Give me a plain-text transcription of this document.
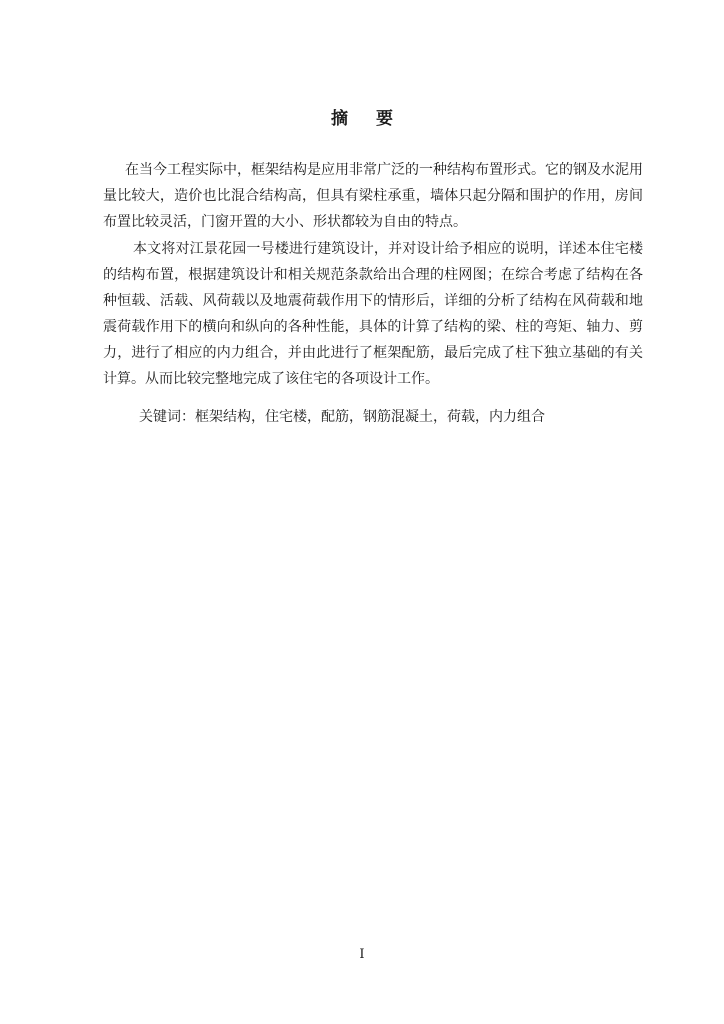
摘要

在当今工程实际中，框架结构是应用非常广泛的一种结构布置形式。它的钢及水泥用量比较大，造价也比混合结构高，但具有梁柱承重，墙体只起分隔和围护的作用，房间布置比较灵活，门窗开置的大小、形状都较为自由的特点。

本文将对江景花园一号楼进行建筑设计，并对设计给予相应的说明，详述本住宅楼的结构布置，根据建筑设计和相关规范条款给出合理的柱网图；在综合考虑了结构在各种恒载、活载、风荷载以及地震荷载作用下的情形后，详细的分析了结构在风荷载和地震荷载作用下的横向和纵向的各种性能，具体的计算了结构的梁、柱的弯矩、轴力、剪力，进行了相应的内力组合，并由此进行了框架配筋，最后完成了柱下独立基础的有关计算。从而比较完整地完成了该住宅的各项设计工作。

关键词：框架结构，住宅楼，配筋，钢筋混凝土，荷载，内力组合
I
